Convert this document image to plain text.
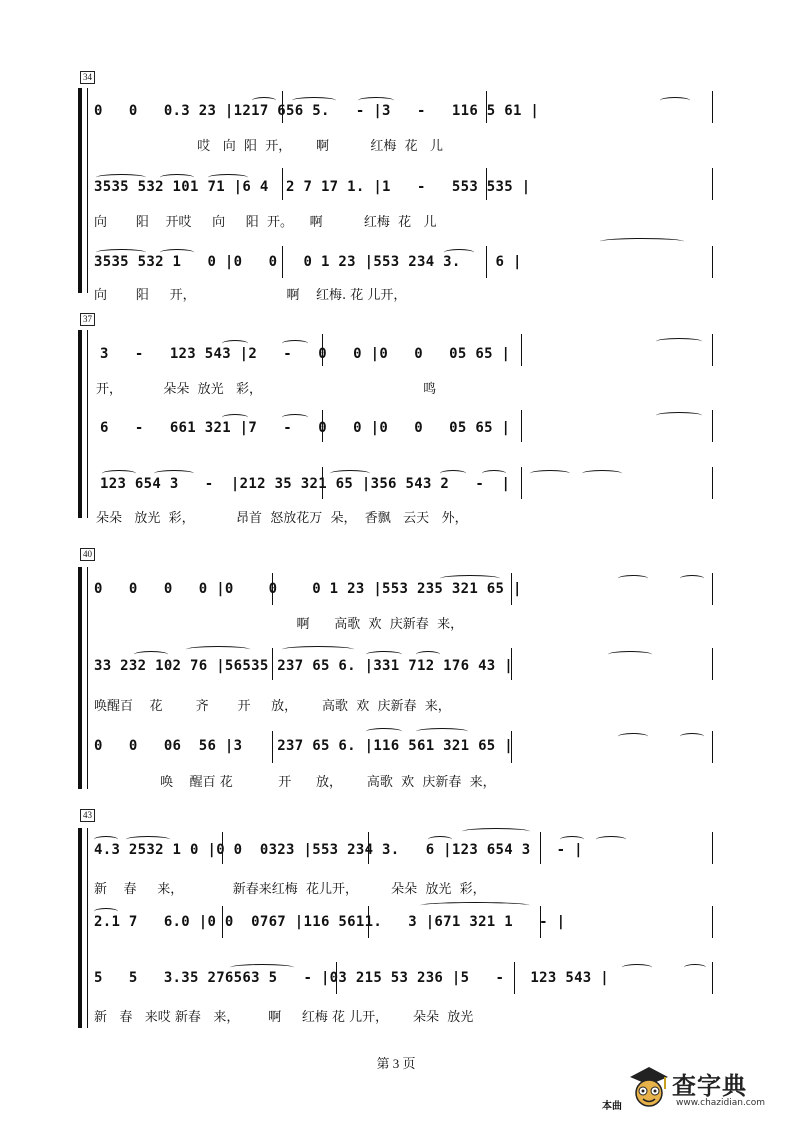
34
0   0   0.3 23 |1217 656 5.   - |3   -   116 5 61 |
哎   向  阳  开，      啊          红梅  花   儿
3535 532 101 71 |6 4  2 7 17 1. |1   -   553 535 |
向       阳    开哎     向     阳  开。    啊          红梅  花   儿
3535 532 1   0 |0   0   0 1 23 |553 234 3.    6 |
向       阳     开，                      啊    红梅. 花 儿开，
37
3   -   123 543 |2   -   0   0 |0   0   05 65 |
开，          朵朵  放光   彩，                                       鸣
6   -   661 321 |7   -   0   0 |0   0   05 65 |
123 654 3   -  |212 35 321 65 |356 543 2   -  |
朵朵   放光  彩，          昂首  怒放花万  朵，  香飘   云天   外，
40
0   0   0   0 |0    0    0 1 23 |553 235 321 65 |
啊      高歌  欢  庆新春  来，
33 232 102 76 |56535 237 65 6. |331 712 176 43 |
唤醒百    花        齐       开     放，      高歌  欢  庆新春  来，
0   0   06  56 |3    237 65 6. |116 561 321 65 |
唤    醒百 花           开      放，      高歌  欢  庆新春  来，
43
4.3 2532 1 0 |0 0  0323 |553 234 3.   6 |123 654 3   - |
新    春     来，            新春来红梅  花儿开，        朵朵  放光  彩，
2.1 7   6.0 |0 0  0767 |116 5611.   3 |671 321 1   - |
5   5   3.35 276563 5   - |03 215 53 236 |5   -   123 543 |
新   春   来哎 新春   来，       啊     红梅 花 儿开，      朵朵  放光
第 3 页
本曲
查字典
www.chazidian.com
